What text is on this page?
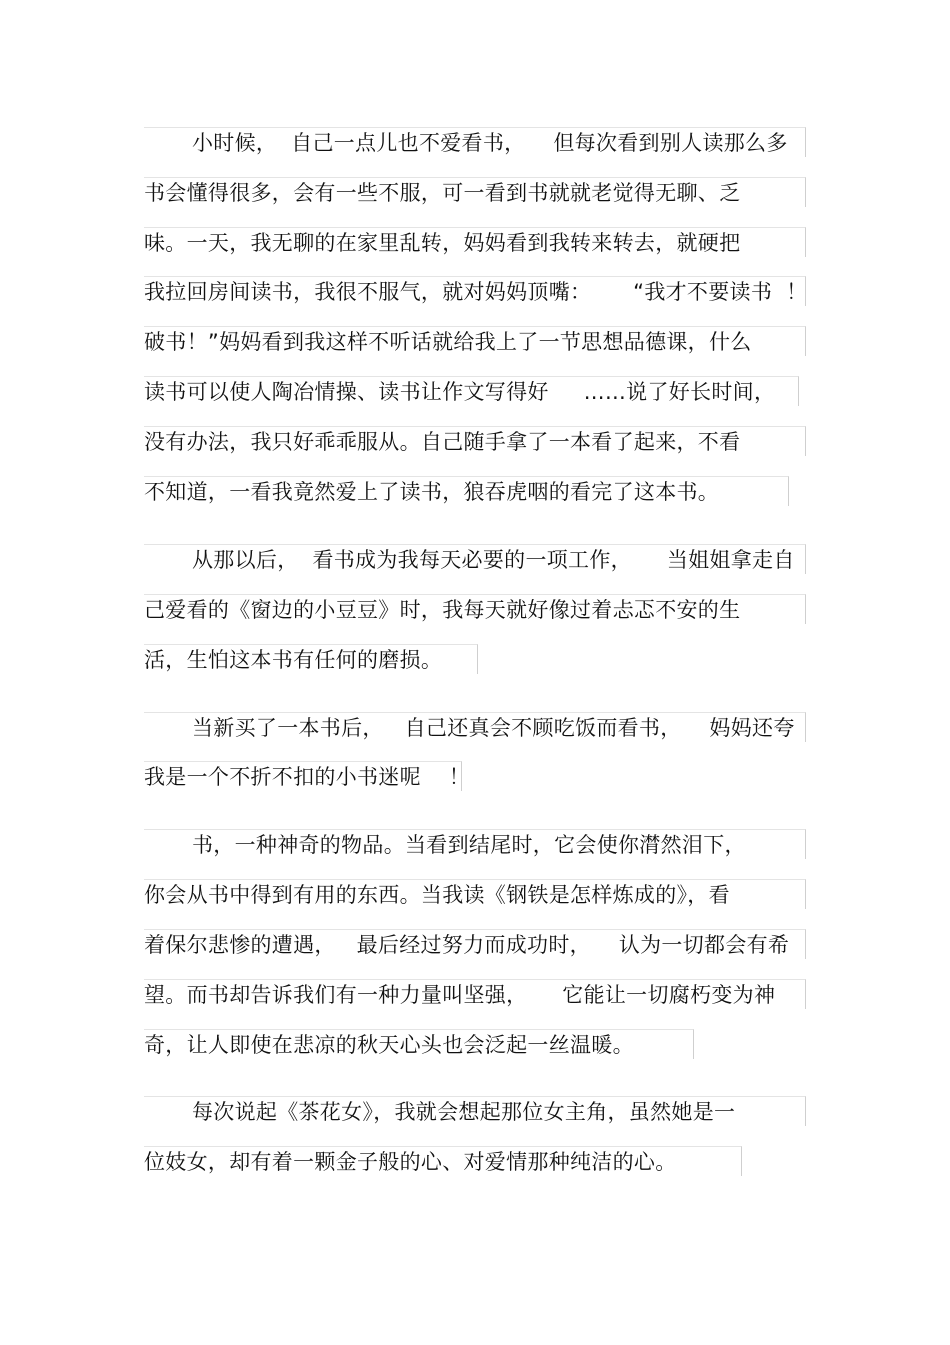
小时候，  自己一点儿也不爱看书，    但每次看到别人读那么多
书会懂得很多，会有一些不服，可一看到书就就老觉得无聊、乏
味。一天，我无聊的在家里乱转，妈妈看到我转来转去，就硬把
我拉回房间读书，我很不服气，就对妈妈顶嘴：      “我才不要读书  ！
破书！”妈妈看到我这样不听话就给我上了一节思想品德课，什么
读书可以使人陶冶情操、读书让作文写得好     ……说了好长时间，
没有办法，我只好乖乖服从。自己随手拿了一本看了起来，不看
不知道，一看我竟然爱上了读书，狼吞虎咽的看完了这本书。
从那以后，  看书成为我每天必要的一项工作，     当姐姐拿走自
己爱看的《窗边的小豆豆》时，我每天就好像过着忐忑不安的生
活，生怕这本书有任何的磨损。
当新买了一本书后，   自己还真会不顾吃饭而看书，    妈妈还夸
我是一个不折不扣的小书迷呢    ！
书，一种神奇的物品。当看到结尾时，它会使你潸然泪下，
你会从书中得到有用的东西。当我读《钢铁是怎样炼成的》，看
着保尔悲惨的遭遇，   最后经过努力而成功时，    认为一切都会有希
望。而书却告诉我们有一种力量叫坚强，     它能让一切腐朽变为神
奇，让人即使在悲凉的秋天心头也会泛起一丝温暖。
每次说起《茶花女》，我就会想起那位女主角，虽然她是一
位妓女，却有着一颗金子般的心、对爱情那种纯洁的心。
